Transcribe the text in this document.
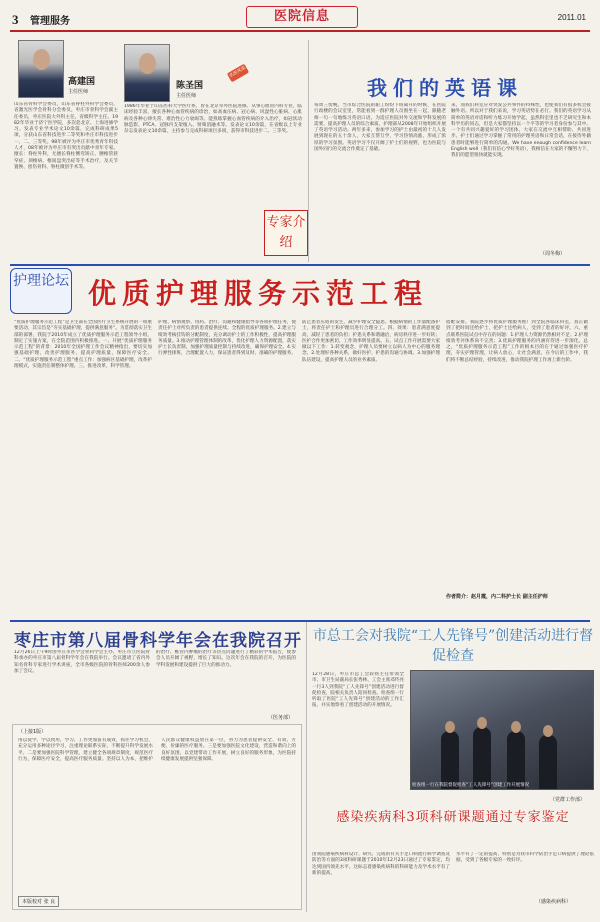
3 管理服务	医院信息	2011.01
高建国
主任医师
山东省骨科学会委员，山东省脊柱外科学会委员，省激光医学会骨科分会委员。枣庄市骨科学会副主任委员，枣庄医院大外科主任，省级科学主任。1982年毕业于济宁医学院，多次赴北京、上海进修学习。发表专业学术论文10余篇，完成科研成果5项，分获山东省科技进步二等奖和枣庄市科技进步一、二、三等奖。98年被评为枣庄市优秀青年科技人才，08年被评为枣庄市有突出贡献中青年专家。擅长：脊柱外科，尤擅长脊柱侧弯矫正、腰椎管狭窄症、颈椎病、椎间盘突出症等手术治疗，及关节置换、创伤骨科、脊柱微创手术等。
名医风采
陈圣国
主任医师
1986年毕业于山东医科大学医疗系，曾在北京阜外医院进修。从事心血管内科专业，临床经验丰富，擅长各种心血管疾病的诊治，如高血压病、冠心病、风湿性心脏病、心肌病及各种心律失常、难治性心力衰竭等。能熟练掌握心血管疾病的介入治疗，如冠状动脉造影、PTCA、冠脉内支架植入、射频消融术等。发表论文10余篇，在省级以上专业杂志发表论文10余篇，主持参与完成科研项目多项，获得市科技进步二、三等奖。
专家介绍
我们的英语课
每周三傍晚，当市综合医院的职工纷纷下班离开的时候，在医院行政楼的会议室里，常能看到一群护理人员围坐在一起，跟随老师一句一句地练习英语口语。为适应医院对外交流和学科发展的需要，提高护理人员的综合素质，护理部从2008年开始组织开展了英语学习活动。两年多来，参加学习的护士由最初的十几人发展到现在的五十余人，大家互帮互学，学习热情高涨，形成了浓厚的学习氛围。英语学习不仅开阔了护士们的视野，也为医院与国外同行的交流合作奠定了基础。
来，而我们科室应对突发公共事件的特殊性，也使我们有很多机会接触外语。所以对于我们来说，学习英语势在必行。我们的英语学习从简单的英语对话和听力练习开始学起，虽然科室里也不乏研究生和本科学历的同志，但是大家都坚持以一个平等的学习者身份参与其中。一个有共同兴趣爱好的学习团体，大家在交流中互相帮助、共同进步。护士们通过学习掌握了常用的护理英语和日常会话，在接待外籍患者时能够进行简单的沟通。We have enough confidence learn English well（我们有信心学好英语），我相信在大家的不懈努力下，我们的愿望很快就能实现。
（周冬梅）
护理论坛 优质护理服务示范工程
“优质护理服务示范工程”是卫生部在全国医疗卫生系统开展的一项重要活动，其宗旨是“夯实基础护理，提供满意服务”。为贯彻落实卫生部的部署，我院于2010年成立了优质护理服务示范工程领导小组，制定了实施方案，在全院范围内积极推进。一、开展“优质护理服务示范工程”的背景：2010年全国护理工作会议精神指出，要切实加强基础护理，改善护理服务，提高护理质量，保障医疗安全。二、“优质护理服务示范工程”重点工作：加强病区基础护理，改革护理模式，实施责任制整体护理。三、推进改革，科学管理。
护理、病情观察、用药、治疗、沟通和健康指导等各项护理任务，使责任护士对所负责的患者提供连续、全程的优质护理服务。2.建立与绩效考核挂钩的分配制度，充分调动护士的工作积极性，提高护理服务质量。3.推动护理管理体制的改革，优化护理人力资源配置，落实护士长负责制，加强护理质量控制与持续改进，确保护理安全。4.实行弹性排班，合理配置人力，保证患者得到及时、准确的护理服务。
防止患者压疮的发生，减少护理安全隐患。根据病情的工作量配备护士，将责任护士和护理员进行合理分工。四、效果：患者满意度提高，减轻了患者的负担；护患关系和谐融洽，病房秩序进一步好转；医护合作更加密切，工作效率明显提高。五、试点工作开展需要大家做以下工作：1.转变观念，护理人员要树立以病人为中心的服务理念。2.处理好各种关系，做好医护、护患的沟通与协调。3.加强护理队伍建设，提高护理人员的业务素质。
搭配安排。我院逐步将优质护理服务推广到全院各临床科室，真正做到了把时间还给护士，把护士还给病人，受到了患者的好评。六、重点联系医院试点中存在的问题：1.护理人力资源仍然相对不足；2.护理绩效考评体系尚不完善；3.优质护理服务的内涵有待进一步深化。总之，“优质护理服务示范工程”工作的根本目的在于通过加强医疗护理，夯实护理管理，让病人放心，让社会满意，在今后的工作中，我们将不断总结经验，持续改进，推动我院护理工作再上新台阶。
作者简介：赵月霞，内二科护士长 副主任护师
枣庄市第八届骨科学年会在我院召开
12月26日上午9时由枣庄市医学会骨科学会主办、枣庄市立医院骨科承办的枣庄市第八届骨科学年会在我院举行。会议邀请了省内外知名骨科专家进行学术讲座，全市各级医院的骨科医师200余人参加了会议。
的治疗、椎管内肿瘤的治疗等热点问题进行了精彩的学术报告，使参会人员开阔了视野，增长了知识。这次年会在我院的召开，为医院的学科发展和建设提供了巨大的推动力。
（医务部）
（上接1版）
用以促学、学以致用，学习、工作更加富有成效，抓住学习机会，充分运用多种途径学习，注重理论联系实际，不断提升科学发展水平。二是要加强医院科学管理，建立健全各项规章制度，规范医疗行为，保障医疗安全，提高医疗服务质量。坚持以人为本，把维护人民群众健康权益放在第一位，努力为患者提供安全、有效、方便、价廉的医疗服务。三是要加强医院文化建设，营造和谐向上的良好氛围，以党建带动工作开展，树立良好的服务形象，为医院持续健康发展提供坚强保障。
本版校对 张 良
市总工会对我院“工人先锋号”创建活动进行督促检查
12月28日，枣庄市总工会段扬主任带领全市、市卫生局副局长张秀林、工会主席邓传亮一行3人到我院“工人先锋号”创建活动进行督促检查，院相关负责人陪同检查。检查组一行听取了医院“工人先锋号”创建活动的工作汇报，并实地察看了创建活动的开展情况。
检查组一行在我院督促检查“工人先锋号”创建工作开展情况
（党群工作部）
感染疾病科3项科研课题通过专家鉴定
由我院感染疾病科设计、研究、完成的有关手足口病流行病学调查及防治等方面的3项科研课题于2010年12月23日通过了专家鉴定，均达到国内领先水平。这标志着感染疾病科的科研能力及学术水平有了新的提高。
水平有了一定的提高，特别是为我市科学防治手足口病提供了理论依据，受到了各级专家的一致好评。
（感染疾病科）
